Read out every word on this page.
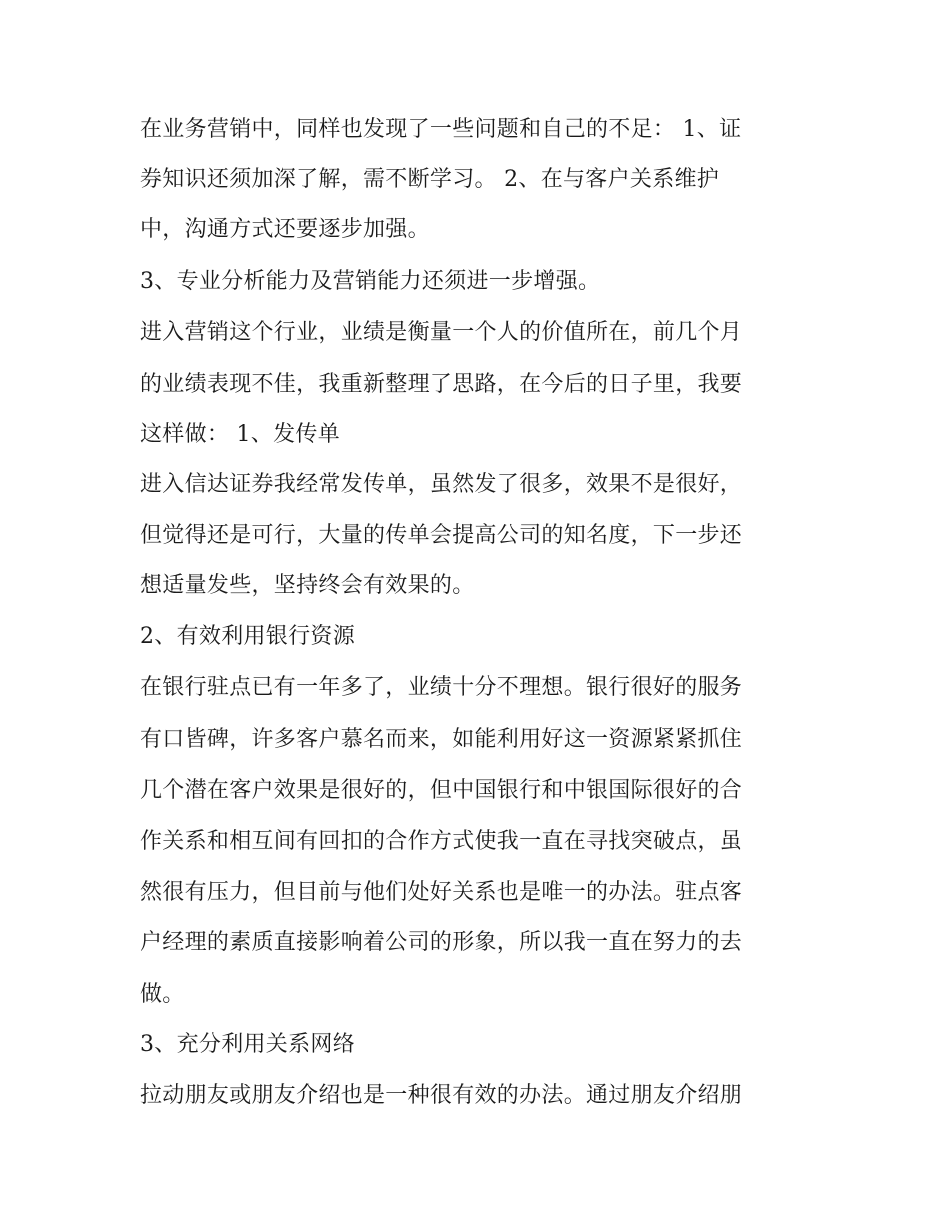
在业务营销中，同样也发现了一些问题和自己的不足： 1、证
券知识还须加深了解，需不断学习。 2、在与客户关系维护
中，沟通方式还要逐步加强。
3、专业分析能力及营销能力还须进一步增强。
进入营销这个行业，业绩是衡量一个人的价值所在，前几个月
的业绩表现不佳，我重新整理了思路，在今后的日子里，我要
这样做： 1、发传单
进入信达证券我经常发传单，虽然发了很多，效果不是很好，
但觉得还是可行，大量的传单会提高公司的知名度，下一步还
想适量发些，坚持终会有效果的。
2、有效利用银行资源
在银行驻点已有一年多了，业绩十分不理想。银行很好的服务
有口皆碑，许多客户慕名而来，如能利用好这一资源紧紧抓住
几个潜在客户效果是很好的，但中国银行和中银国际很好的合
作关系和相互间有回扣的合作方式使我一直在寻找突破点，虽
然很有压力，但目前与他们处好关系也是唯一的办法。驻点客
户经理的素质直接影响着公司的形象，所以我一直在努力的去
做。
3、充分利用关系网络
拉动朋友或朋友介绍也是一种很有效的办法。通过朋友介绍朋
